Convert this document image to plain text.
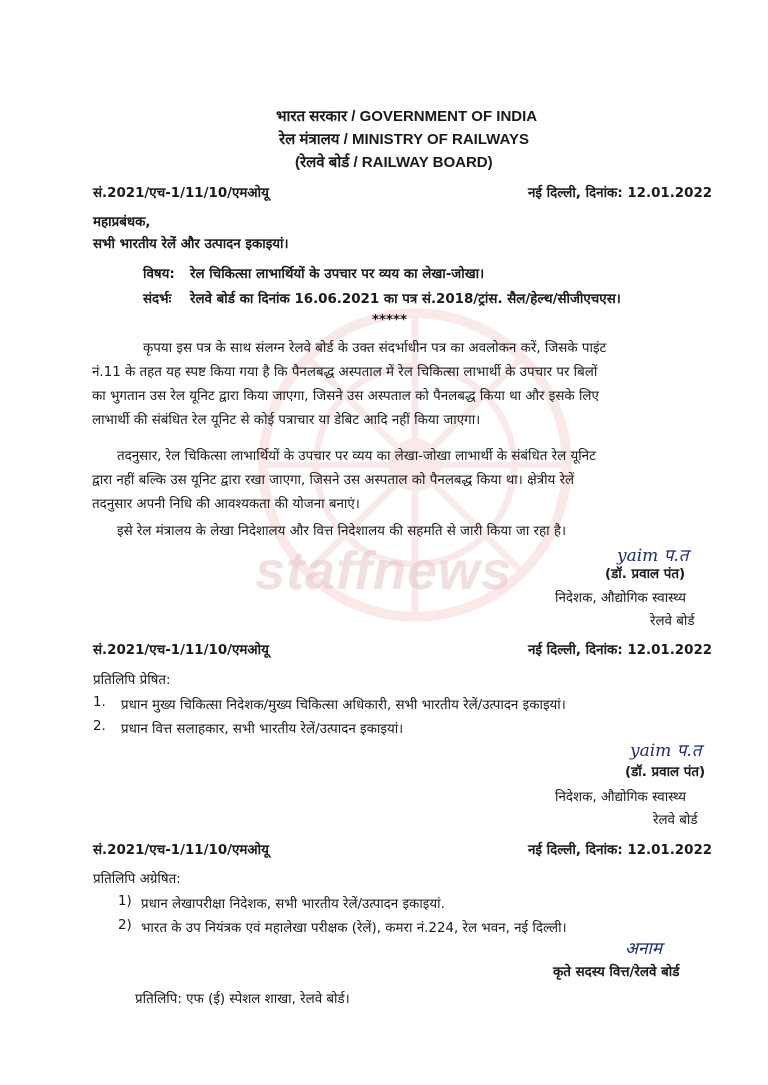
staffnews
भारत सरकार / GOVERNMENT OF INDIA
रेल मंत्रालय / MINISTRY OF RAILWAYS
(रेलवे बोर्ड / RAILWAY BOARD)
सं.2021/एच-1/11/10/एमओयू	नई दिल्ली, दिनांक: 12.01.2022
महाप्रबंधक,
सभी भारतीय रेलें और उत्पादन इकाइयां।
विषय: रेल चिकित्सा लाभार्थियों के उपचार पर व्यय का लेखा-जोखा।
संदर्भः रेलवे बोर्ड का दिनांक 16.06.2021 का पत्र सं.2018/ट्रांस. सैल/हेल्थ/सीजीएचएस।
*****
कृपया इस पत्र के साथ संलग्न रेलवे बोर्ड के उक्त संदर्भाधीन पत्र का अवलोकन करें, जिसके पाइंट
नं.11 के तहत यह स्पष्ट किया गया है कि पैनलबद्ध अस्पताल में रेल चिकित्सा लाभार्थी के उपचार पर बिलों
का भुगतान उस रेल यूनिट द्वारा किया जाएगा, जिसने उस अस्पताल को पैनलबद्ध किया था और इसके लिए
लाभार्थी की संबंधित रेल यूनिट से कोई पत्राचार या डेबिट आदि नहीं किया जाएगा।
तदनुसार, रेल चिकित्सा लाभार्थियों के उपचार पर व्यय का लेखा-जोखा लाभार्थी के संबंधित रेल यूनिट
द्वारा नहीं बल्कि उस यूनिट द्वारा रखा जाएगा, जिसने उस अस्पताल को पैनलबद्ध किया था। क्षेत्रीय रेलें
तदनुसार अपनी निधि की आवश्यकता की योजना बनाएं।
इसे रेल मंत्रालय के लेखा निदेशालय और वित्त निदेशालय की सहमति से जारी किया जा रहा है।
yaim प.त
(डॉ. प्रवाल पंत)
निदेशक, औद्योगिक स्वास्थ्य
रेलवे बोर्ड
सं.2021/एच-1/11/10/एमओयू	नई दिल्ली, दिनांक: 12.01.2022
प्रतिलिपि प्रेषित:
1. प्रधान मुख्य चिकित्सा निदेशक/मुख्य चिकित्सा अधिकारी, सभी भारतीय रेलें/उत्पादन इकाइयां।
2. प्रधान वित्त सलाहकार, सभी भारतीय रेलें/उत्पादन इकाइयां।
yaim प.त
(डॉ. प्रवाल पंत)
निदेशक, औद्योगिक स्वास्थ्य
रेलवे बोर्ड
सं.2021/एच-1/11/10/एमओयू	नई दिल्ली, दिनांक: 12.01.2022
प्रतिलिपि अग्रेषित:
1) प्रधान लेखापरीक्षा निदेशक, सभी भारतीय रेलें/उत्पादन इकाइयां.
2) भारत के उप नियंत्रक एवं महालेखा परीक्षक (रेलें), कमरा नं.224, रेल भवन, नई दिल्ली।
अनाम
कृते सदस्य वित्त/रेलवे बोर्ड
प्रतिलिपि: एफ (ई) स्पेशल शाखा, रेलवे बोर्ड।
